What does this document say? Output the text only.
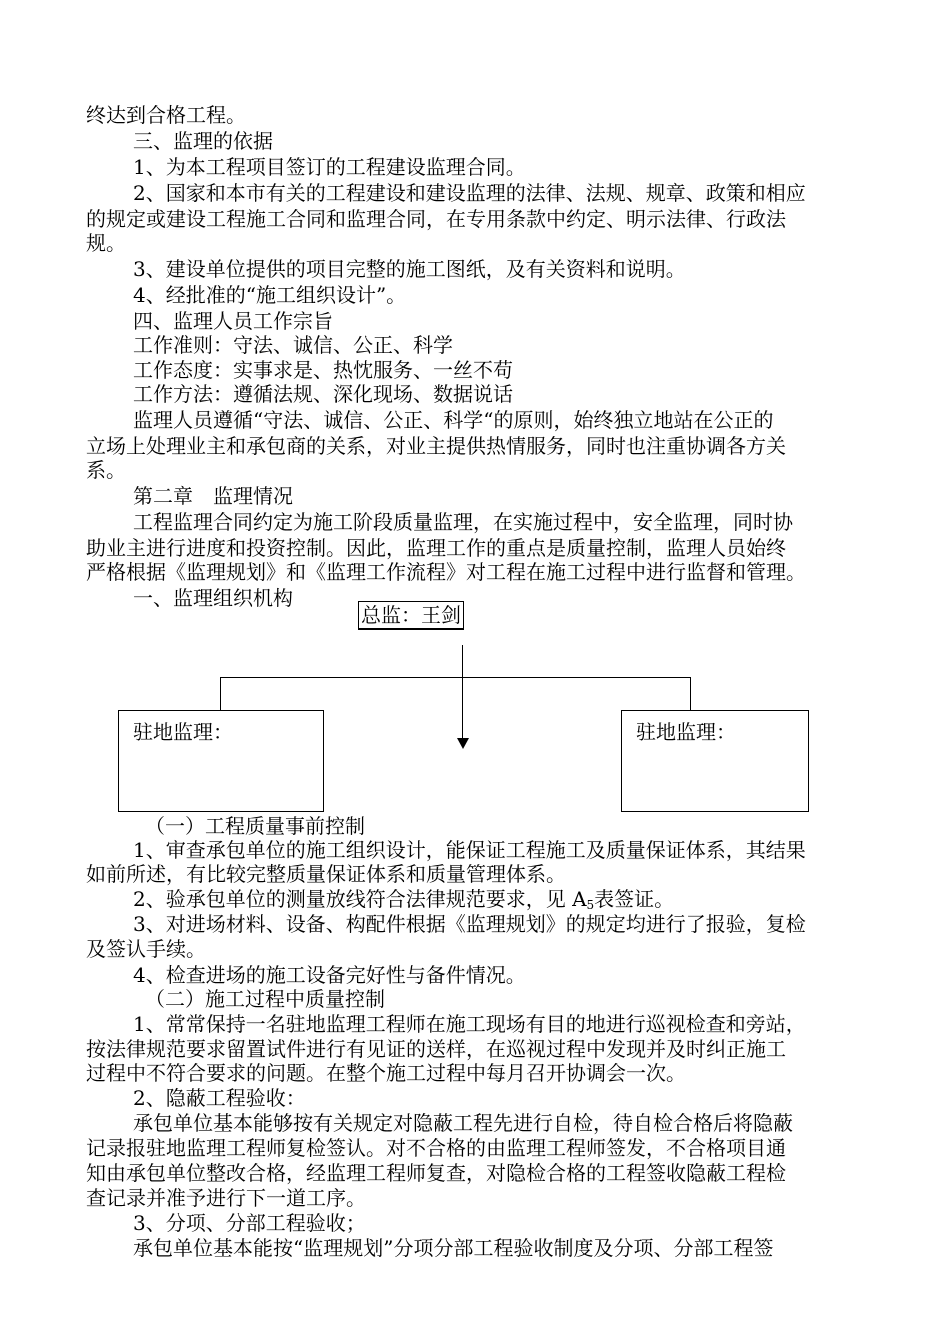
终达到合格工程。
三、监理的依据
1、为本工程项目签订的工程建设监理合同。
2、国家和本市有关的工程建设和建设监理的法律、法规、规章、政策和相应
的规定或建设工程施工合同和监理合同，在专用条款中约定、明示法律、行政法
规。
3、建设单位提供的项目完整的施工图纸，及有关资料和说明。
4、经批准的“施工组织设计”。
四、监理人员工作宗旨
工作准则：守法、诚信、公正、科学
工作态度：实事求是、热忱服务、一丝不苟
工作方法：遵循法规、深化现场、数据说话
监理人员遵循“守法、诚信、公正、科学“的原则，始终独立地站在公正的
立场上处理业主和承包商的关系，对业主提供热情服务，同时也注重协调各方关
系。
第二章　监理情况
工程监理合同约定为施工阶段质量监理，在实施过程中，安全监理，同时协
助业主进行进度和投资控制。因此，监理工作的重点是质量控制，监理人员始终
严格根据《监理规划》和《监理工作流程》对工程在施工过程中进行监督和管理。
一、监理组织机构
总监：王剑
驻地监理：	驻地监理：
（一）工程质量事前控制
1、审查承包单位的施工组织设计，能保证工程施工及质量保证体系，其结果
如前所述，有比较完整质量保证体系和质量管理体系。
2、验承包单位的测量放线符合法律规范要求，见 $A_5$表签证。
3、对进场材料、设备、构配件根据《监理规划》的规定均进行了报验，复检
及签认手续。
4、检查进场的施工设备完好性与备件情况。
（二）施工过程中质量控制
1、常常保持一名驻地监理工程师在施工现场有目的地进行巡视检查和旁站，
按法律规范要求留置试件进行有见证的送样，在巡视过程中发现并及时纠正施工
过程中不符合要求的问题。在整个施工过程中每月召开协调会一次。
2、隐蔽工程验收：
承包单位基本能够按有关规定对隐蔽工程先进行自检，待自检合格后将隐蔽
记录报驻地监理工程师复检签认。对不合格的由监理工程师签发，不合格项目通
知由承包单位整改合格，经监理工程师复查，对隐检合格的工程签收隐蔽工程检
查记录并准予进行下一道工序。
3、分项、分部工程验收；
承包单位基本能按“监理规划”分项分部工程验收制度及分项、分部工程签
